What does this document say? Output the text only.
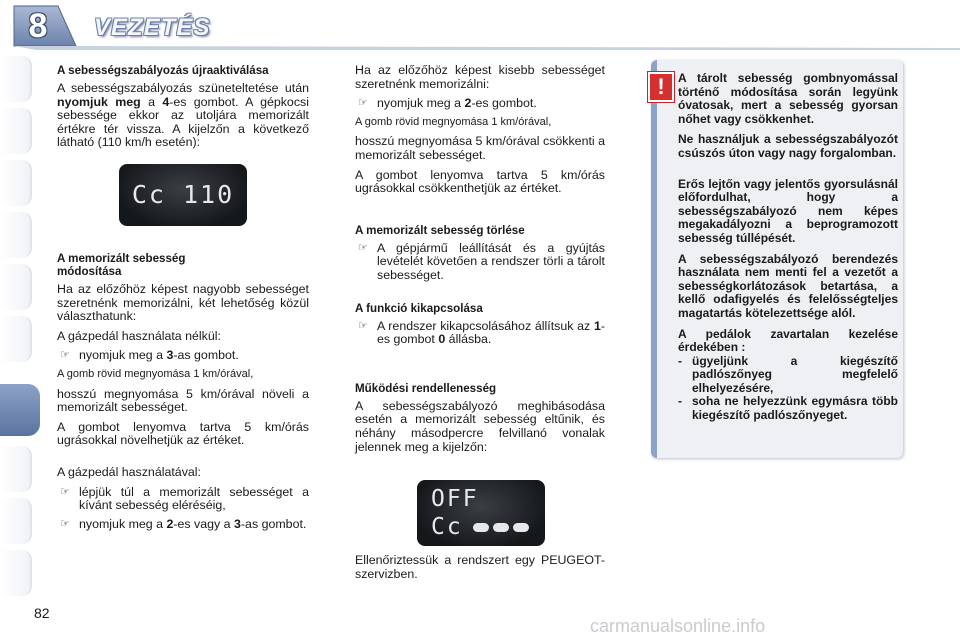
8	VEZETÉS
A sebességszabályozás újraaktiválása

A sebességszabályozás szüneteltetése után nyomjuk meg a 4-es gombot. A gépkocsi sebessége ekkor az utoljára memorizált értékre tér vissza. A kijelzőn a következő látható (110 km/h esetén):

Cc 110
A memorizált sebesség módosítása

Ha az előzőhöz képest nagyobb sebességet szeretnénk memorizálni, két lehetőség közül választhatunk:

A gázpedál használata nélkül:

☞ nyomjuk meg a 3-as gombot.

A gomb rövid megnyomása 1 km/órával,

hosszú megnyomása 5 km/órával növeli a memorizált sebességet.

A gombot lenyomva tartva 5 km/órás ugrásokkal növelhetjük az értéket.

A gázpedál használatával:

☞ lépjük túl a memorizált sebességet a kívánt sebesség eléréséig,
☞ nyomjuk meg a 2-es vagy a 3-as gombot.

Ha az előzőhöz képest kisebb sebességet szeretnénk memorizálni:

☞ nyomjuk meg a 2-es gombot.

A gomb rövid megnyomása 1 km/órával,

hosszú megnyomása 5 km/órával csökkenti a memorizált sebességet.

A gombot lenyomva tartva 5 km/órás ugrásokkal csökkenthetjük az értéket.

A memorizált sebesség törlése
☞ A gépjármű leállítását és a gyújtás levételét követően a rendszer törli a tárolt sebességet.
A funkció kikapcsolása
☞ A rendszer kikapcsolásához állítsuk az 1-es gombot 0 állásba.
Működési rendellenesség

A sebességszabályozó meghibásodása esetén a memorizált sebesség eltűnik, és néhány másodpercre felvillanó vonalak jelennek meg a kijelzőn:

OFF
Cc

Ellenőriztessük a rendszert egy PEUGEOT-szervizben.

!	A tárolt sebesség gombnyomással történő módosítása során legyünk óvatosak, mert a sebesség gyorsan nőhet vagy csökkenhet.

Ne használjuk a sebességszabályozót csúszós úton vagy nagy forgalomban.

Erős lejtőn vagy jelentős gyorsulásnál előfordulhat, hogy a sebességszabályozó nem képes megakadályozni a beprogramozott sebesség túllépését.

A sebességszabályozó berendezés használata nem menti fel a vezetőt a sebességkorlátozások betartása, a kellő odafigyelés és felelősségteljes magatartás kötelezettsége alól.

A pedálok zavartalan kezelése érdekében :

- ügyeljünk a kiegészítő padlószőnyeg megfelelő elhelyezésére,
- soha ne helyezzünk egymásra több kiegészítő padlószőnyeget.
82
carmanualsonline.info
